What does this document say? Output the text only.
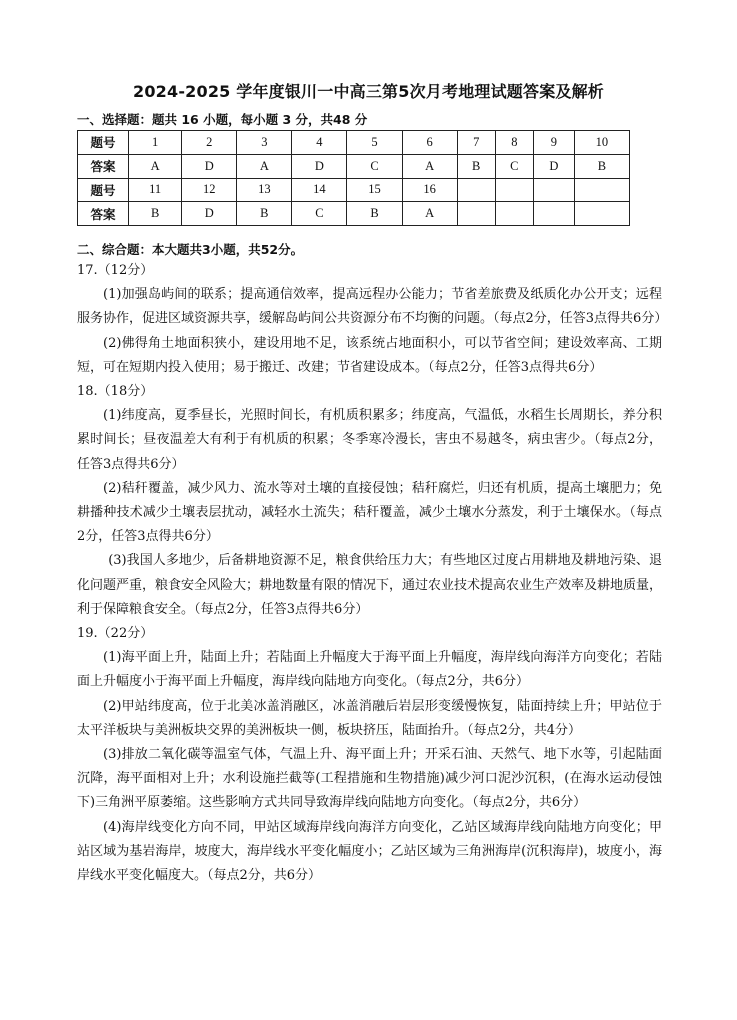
2024-2025 学年度银川一中高三第5次月考地理试题答案及解析
一、选择题：题共 16 小题，每小题 3 分，共48 分
题号	1	2	3	4	5	6	7	8	9	10
答案	A	D	A	D	C	A	B	C	D	B
题号	11	12	13	14	15	16				
答案	B	D	B	C	B	A				
二、综合题：本大题共3小题，共52分。

17.（12分）

(1)加强岛屿间的联系；提高通信效率，提高远程办公能力；节省差旅费及纸质化办公开支；远程服务协作，促进区域资源共享，缓解岛屿间公共资源分布不均衡的问题。（每点2分，任答3点得共6分）

(2)佛得角土地面积狭小，建设用地不足，该系统占地面积小，可以节省空间；建设效率高、工期短，可在短期内投入使用；易于搬迁、改建；节省建设成本。（每点2分，任答3点得共6分）

18.（18分）

(1)纬度高，夏季昼长，光照时间长，有机质积累多；纬度高，气温低，水稻生长周期长，养分积累时间长；昼夜温差大有利于有机质的积累；冬季寒冷漫长，害虫不易越冬，病虫害少。（每点2分，任答3点得共6分）

(2)秸秆覆盖，减少风力、流水等对土壤的直接侵蚀；秸秆腐烂，归还有机质，提高土壤肥力；免耕播种技术减少土壤表层扰动，减轻水土流失；秸秆覆盖，减少土壤水分蒸发，利于土壤保水。（每点2分，任答3点得共6分）

(3)我国人多地少，后备耕地资源不足，粮食供给压力大；有些地区过度占用耕地及耕地污染、退化问题严重，粮食安全风险大；耕地数量有限的情况下，通过农业技术提高农业生产效率及耕地质量，利于保障粮食安全。（每点2分，任答3点得共6分）

19.（22分）

(1)海平面上升，陆面上升；若陆面上升幅度大于海平面上升幅度，海岸线向海洋方向变化；若陆面上升幅度小于海平面上升幅度，海岸线向陆地方向变化。（每点2分，共6分）

(2)甲站纬度高，位于北美冰盖消融区，冰盖消融后岩层形变缓慢恢复，陆面持续上升；甲站位于太平洋板块与美洲板块交界的美洲板块一侧，板块挤压，陆面抬升。（每点2分，共4分）

(3)排放二氧化碳等温室气体，气温上升、海平面上升；开采石油、天然气、地下水等，引起陆面沉降，海平面相对上升；水利设施拦截等(工程措施和生物措施)减少河口泥沙沉积，(在海水运动侵蚀下)三角洲平原萎缩。这些影响方式共同导致海岸线向陆地方向变化。（每点2分，共6分）

(4)海岸线变化方向不同，甲站区域海岸线向海洋方向变化，乙站区域海岸线向陆地方向变化；甲站区域为基岩海岸，坡度大，海岸线水平变化幅度小；乙站区域为三角洲海岸(沉积海岸)，坡度小，海岸线水平变化幅度大。（每点2分，共6分）
